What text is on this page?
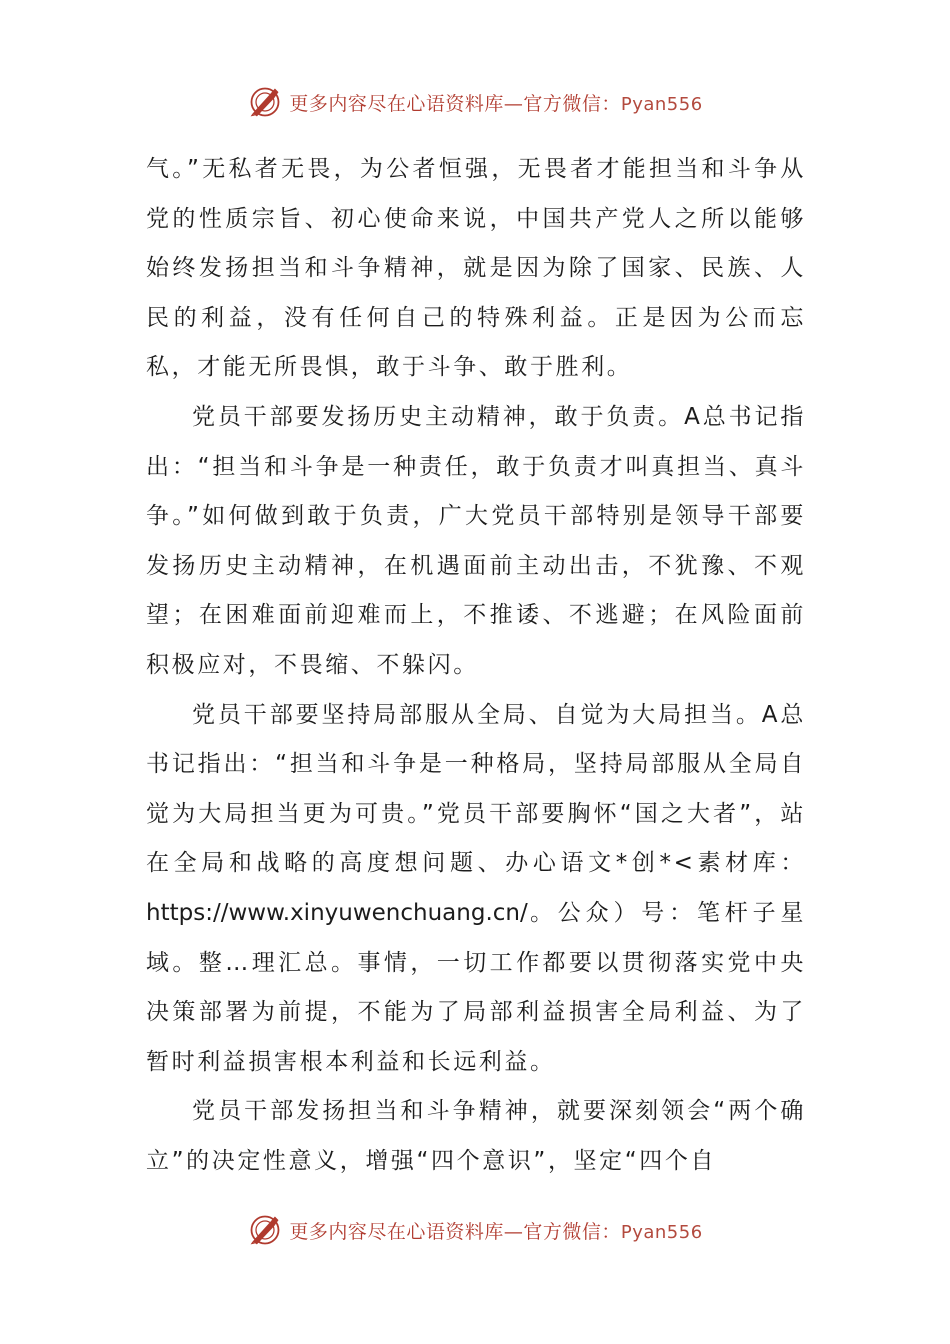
更多内容尽在心语资料库—官方微信：Pyan556

气。”无私者无畏，为公者恒强，无畏者才能担当和斗争从党的性质宗旨、初心使命来说，中国共产党人之所以能够始终发扬担当和斗争精神，就是因为除了国家、民族、人民的利益，没有任何自己的特殊利益。正是因为公而忘私，才能无所畏惧，敢于斗争、敢于胜利。

党员干部要发扬历史主动精神，敢于负责。A总书记指出：“担当和斗争是一种责任，敢于负责才叫真担当、真斗争。”如何做到敢于负责，广大党员干部特别是领导干部要发扬历史主动精神，在机遇面前主动出击，不犹豫、不观望；在困难面前迎难而上，不推诿、不逃避；在风险面前积极应对，不畏缩、不躲闪。

党员干部要坚持局部服从全局、自觉为大局担当。A总书记指出：“担当和斗争是一种格局，坚持局部服从全局自觉为大局担当更为可贵。”党员干部要胸怀“国之大者”，站在全局和战略的高度想问题、办心语文*创*<素材库：https://www.xinyuwenchuang.cn/。公众）号：笔杆子星域。整…理汇总。事情，一切工作都要以贯彻落实党中央决策部署为前提，不能为了局部利益损害全局利益、为了暂时利益损害根本利益和长远利益。

党员干部发扬担当和斗争精神，就要深刻领会“两个确立”的决定性意义，增强“四个意识”，坚定“四个自

更多内容尽在心语资料库—官方微信：Pyan556
